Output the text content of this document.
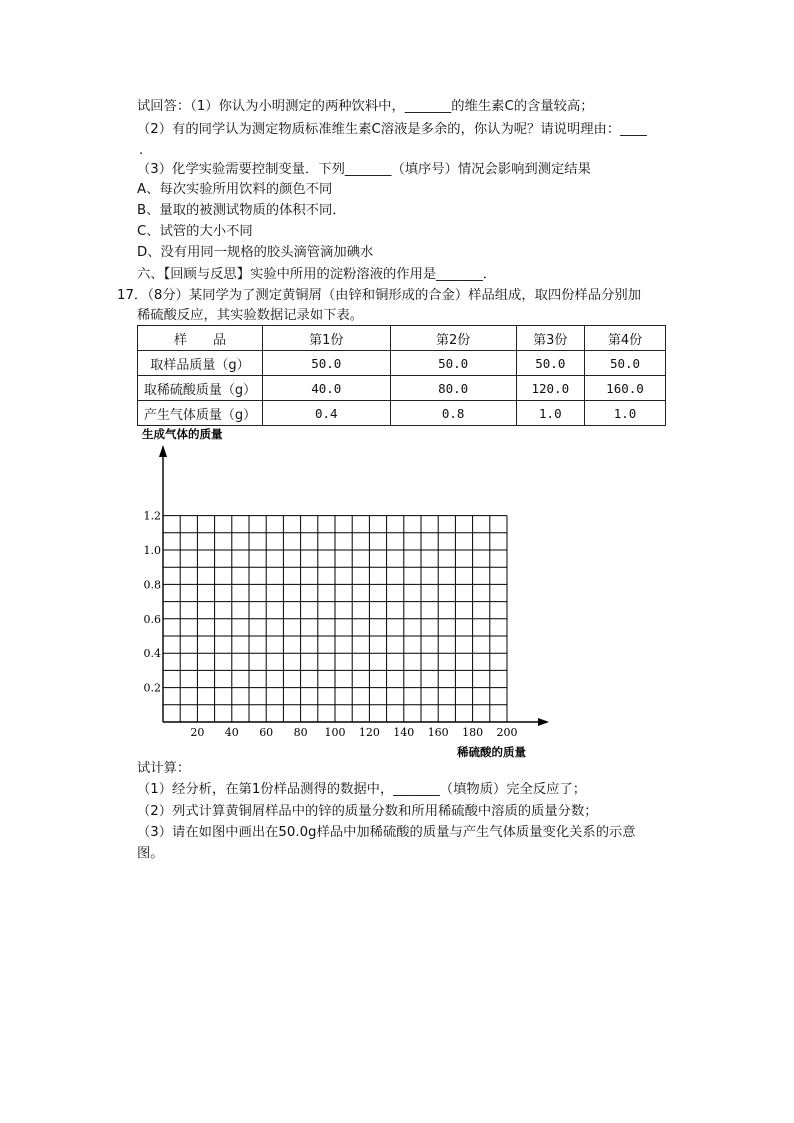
试回答：（1）你认为小明测定的两种饮料中，_______的维生素C的含量较高；
（2）有的同学认为测定物质标准维生素C溶液是多余的，你认为呢？请说明理由：____
.
（3）化学实验需要控制变量．下列_______（填序号）情况会影响到测定结果
A、每次实验所用饮料的颜色不同
B、量取的被测试物质的体积不同．
C、试管的大小不同
D、没有用同一规格的胶头滴管滴加碘水
六、【回顾与反思】实验中所用的淀粉溶液的作用是_______．
17．（8分）某同学为了测定黄铜屑（由锌和铜形成的合金）样品组成，取四份样品分别加
稀硫酸反应，其实验数据记录如下表。
样　　品	第1份	第2份	第3份	第4份
取样品质量（g）	50.0	50.0	50.0	50.0
取稀硫酸质量（g）	40.0	80.0	120.0	160.0
产生气体质量（g）	0.4	0.8	1.0	1.0
20 40 60 80 100 120 140 160 180 200
0.2
0.4
0.6
0.8
1.0
1.2
生成气体的质量
稀硫酸的质量
试计算：
（1）经分析，在第1份样品测得的数据中，_______（填物质）完全反应了；
（2）列式计算黄铜屑样品中的锌的质量分数和所用稀硫酸中溶质的质量分数；
（3）请在如图中画出在50.0g样品中加稀硫酸的质量与产生气体质量变化关系的示意
图。
